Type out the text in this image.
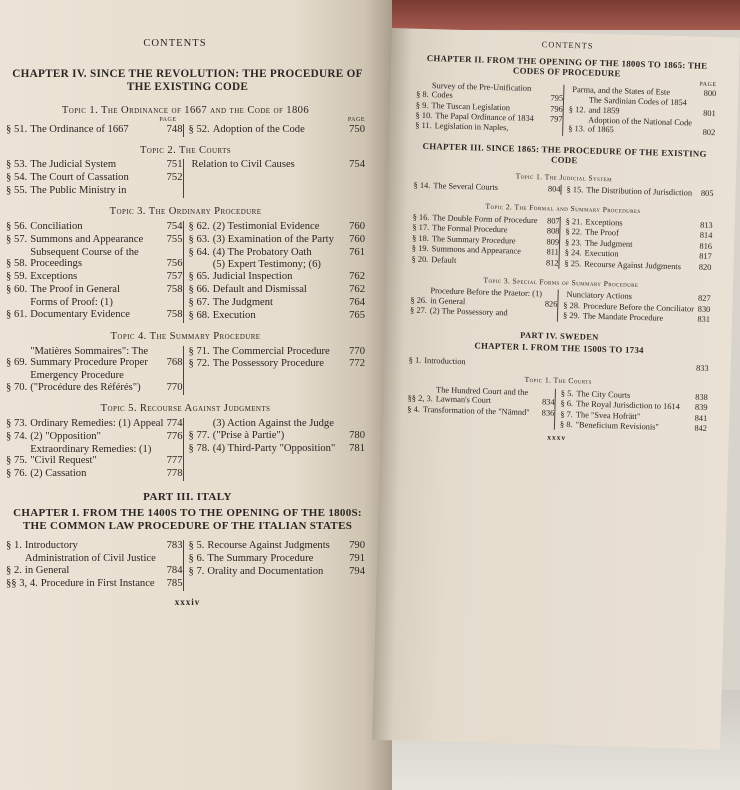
CONTENTS
CHAPTER IV. SINCE THE REVOLUTION: THE PROCEDURE OF THE EXISTING CODE
Topic 1. The Ordinance of 1667 and the Code of 1806
PAGE	PAGE
§ 51. The Ordinance of 1667	748 § 52. Adoption of the Code	750
Topic 2. The Courts
§ 53. The Judicial System	751
§ 54. The Court of Cassation	752
§ 55. The Public Ministry in
Relation to Civil Causes	754
Topic 3. The Ordinary Procedure
§ 56. Conciliation	754
§ 57. Summons and Appearance	755
§ 58.
Subsequent Course of the Proceedings	756
§ 59. Exceptions	757
§ 60. The Proof in General	758
§ 61.
Forms of Proof: (1) Documentary Evidence	758
§ 62. (2) Testimonial Evidence	760
§ 63. (3) Examination of the Party	760
§ 64. (4) The Probatory Oath	761
§ 65.
(5) Expert Testimony; (6) Judicial Inspection	762
§ 66. Default and Dismissal	762
§ 67. The Judgment	764
§ 68. Execution	765
Topic 4. The Summary Procedure
§ 69.
"Matières Sommaires": The Summary Procedure Proper	768
§ 70.
Emergency Procedure ("Procédure des Référés")	770
§ 71. The Commercial Procedure	770
§ 72. The Possessory Procedure	772
Topic 5. Recourse Against Judgments
§ 73. Ordinary Remedies: (1) Appeal 774
§ 74. (2) "Opposition"	776
§ 75.
Extraordinary Remedies: (1) "Civil Request"	777
§ 76. (2) Cassation	778
§ 77.
(3) Action Against the Judge ("Prise à Partie")	780
§ 78. (4) Third-Party "Opposition"	781
PART III. ITALY
CHAPTER I. FROM THE 1400S TO THE OPENING OF THE 1800S: THE COMMON LAW PROCEDURE OF THE ITALIAN STATES
§ 1. Introductory	783
§ 2.
Administration of Civil Justice in General	784
§§ 3, 4. Procedure in First Instance	785
§ 5. Recourse Against Judgments	790
§ 6. The Summary Procedure	791
§ 7. Orality and Documentation	794
xxxiv
CONTENTS
CHAPTER II. FROM THE OPENING OF THE 1800S TO 1865: THE CODES OF PROCEDURE
PAGE
§ 8.
Survey of the Pre-Unification Codes	795
§ 9. The Tuscan Legislation	796
§ 10. The Papal Ordinance of 1834	797
§ 11. Legislation in Naples,
Parma, and the States of Este	800
§ 12.
The Sardinian Codes of 1854 and 1859	801
§ 13.
Adoption of the National Code of 1865	802
CHAPTER III. SINCE 1865: THE PROCEDURE OF THE EXISTING CODE
Topic 1. The Judicial System
§ 14. The Several Courts	804 § 15. The Distribution of Jurisdiction	805
Topic 2. The Formal and Summary Procedures
§ 16. The Double Form of Procedure	807
§ 17. The Formal Procedure	808
§ 18. The Summary Procedure	809
§ 19. Summons and Appearance	811
§ 20. Default	812
§ 21. Exceptions	813
§ 22. The Proof	814
§ 23. The Judgment	816
§ 24. Execution	817
§ 25. Recourse Against Judgments	820
Topic 3. Special Forms of Summary Procedure
§ 26.
Procedure Before the Praetor: (1) in General	826
§ 27. (2) The Possessory and
Nunciatory Actions	827
§ 28. Procedure Before the Conciliator 830
§ 29. The Mandate Procedure	831
PART IV. SWEDEN
CHAPTER I. FROM THE 1500S TO 1734
§ 1. Introduction
833
Topic 1. The Courts
§§ 2, 3.
The Hundred Court and the Lawman's Court	834
§ 4. Transformation of the "Nämnd"	836
§ 5. The City Courts	838
§ 6. The Royal Jurisdiction to 1614	839
§ 7. The "Svea Hofrätt"	841
§ 8. "Beneficium Revisionis"	842
xxxv
